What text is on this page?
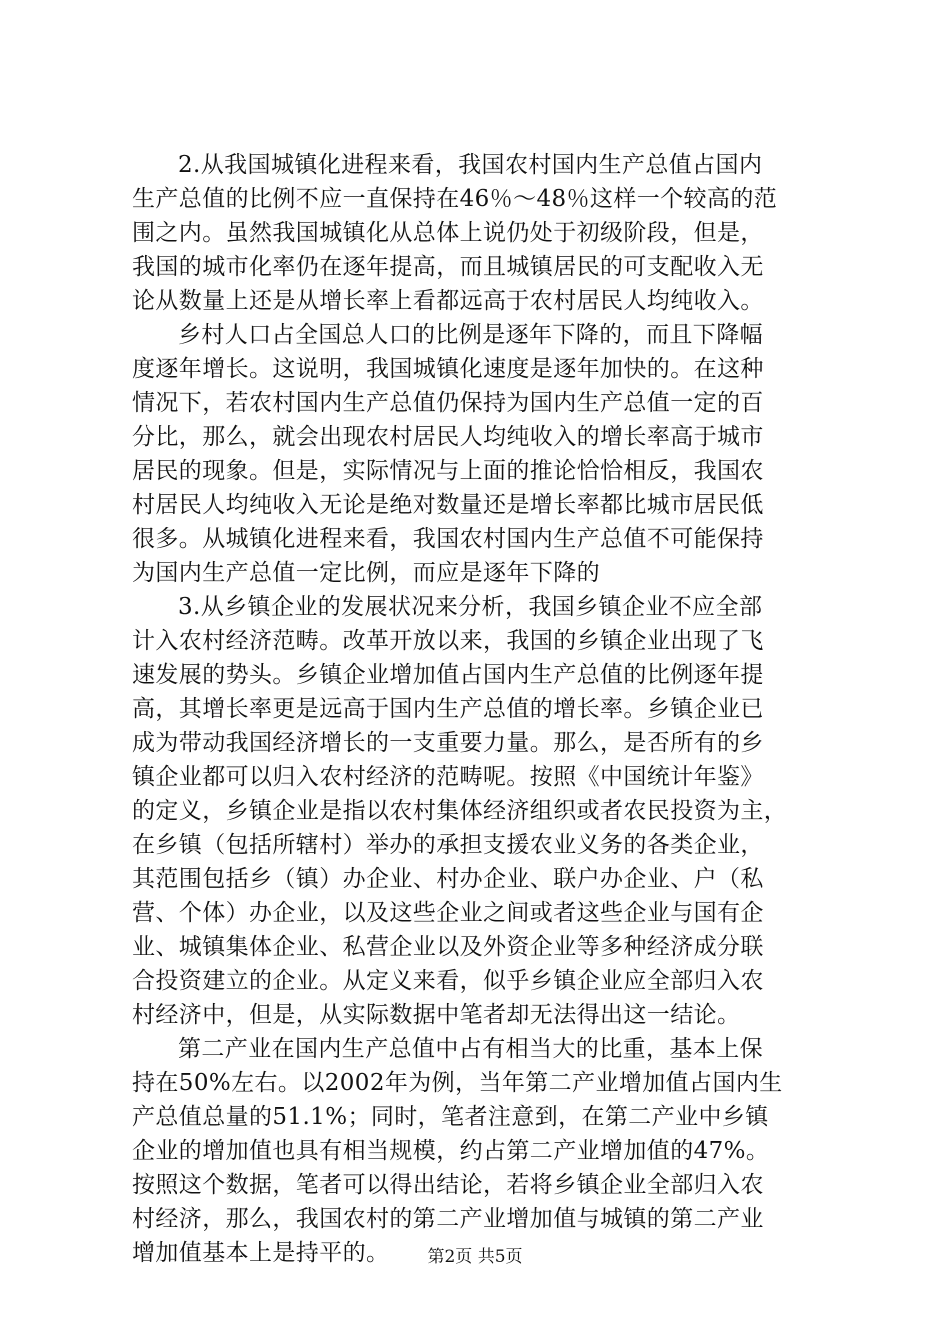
2.从我国城镇化进程来看，我国农村国内生产总值占国内
生产总值的比例不应一直保持在46％～48％这样一个较高的范
围之内。虽然我国城镇化从总体上说仍处于初级阶段，但是，
我国的城市化率仍在逐年提高，而且城镇居民的可支配收入无
论从数量上还是从增长率上看都远高于农村居民人均纯收入。
乡村人口占全国总人口的比例是逐年下降的，而且下降幅
度逐年增长。这说明，我国城镇化速度是逐年加快的。在这种
情况下，若农村国内生产总值仍保持为国内生产总值一定的百
分比，那么，就会出现农村居民人均纯收入的增长率高于城市
居民的现象。但是，实际情况与上面的推论恰恰相反，我国农
村居民人均纯收入无论是绝对数量还是增长率都比城市居民低
很多。从城镇化进程来看，我国农村国内生产总值不可能保持
为国内生产总值一定比例，而应是逐年下降的
3.从乡镇企业的发展状况来分析，我国乡镇企业不应全部
计入农村经济范畴。改革开放以来，我国的乡镇企业出现了飞
速发展的势头。乡镇企业增加值占国内生产总值的比例逐年提
高，其增长率更是远高于国内生产总值的增长率。乡镇企业已
成为带动我国经济增长的一支重要力量。那么，是否所有的乡
镇企业都可以归入农村经济的范畴呢。按照《中国统计年鉴》
的定义，乡镇企业是指以农村集体经济组织或者农民投资为主，
在乡镇（包括所辖村）举办的承担支援农业义务的各类企业，
其范围包括乡（镇）办企业、村办企业、联户办企业、户（私
营、个体）办企业，以及这些企业之间或者这些企业与国有企
业、城镇集体企业、私营企业以及外资企业等多种经济成分联
合投资建立的企业。从定义来看，似乎乡镇企业应全部归入农
村经济中，但是，从实际数据中笔者却无法得出这一结论。
第二产业在国内生产总值中占有相当大的比重，基本上保
持在50%左右。以2002年为例，当年第二产业增加值占国内生
产总值总量的51.1%；同时，笔者注意到，在第二产业中乡镇
企业的增加值也具有相当规模，约占第二产业增加值的47%。
按照这个数据，笔者可以得出结论，若将乡镇企业全部归入农
村经济，那么，我国农村的第二产业增加值与城镇的第二产业
增加值基本上是持平的。	第2页 共5页
